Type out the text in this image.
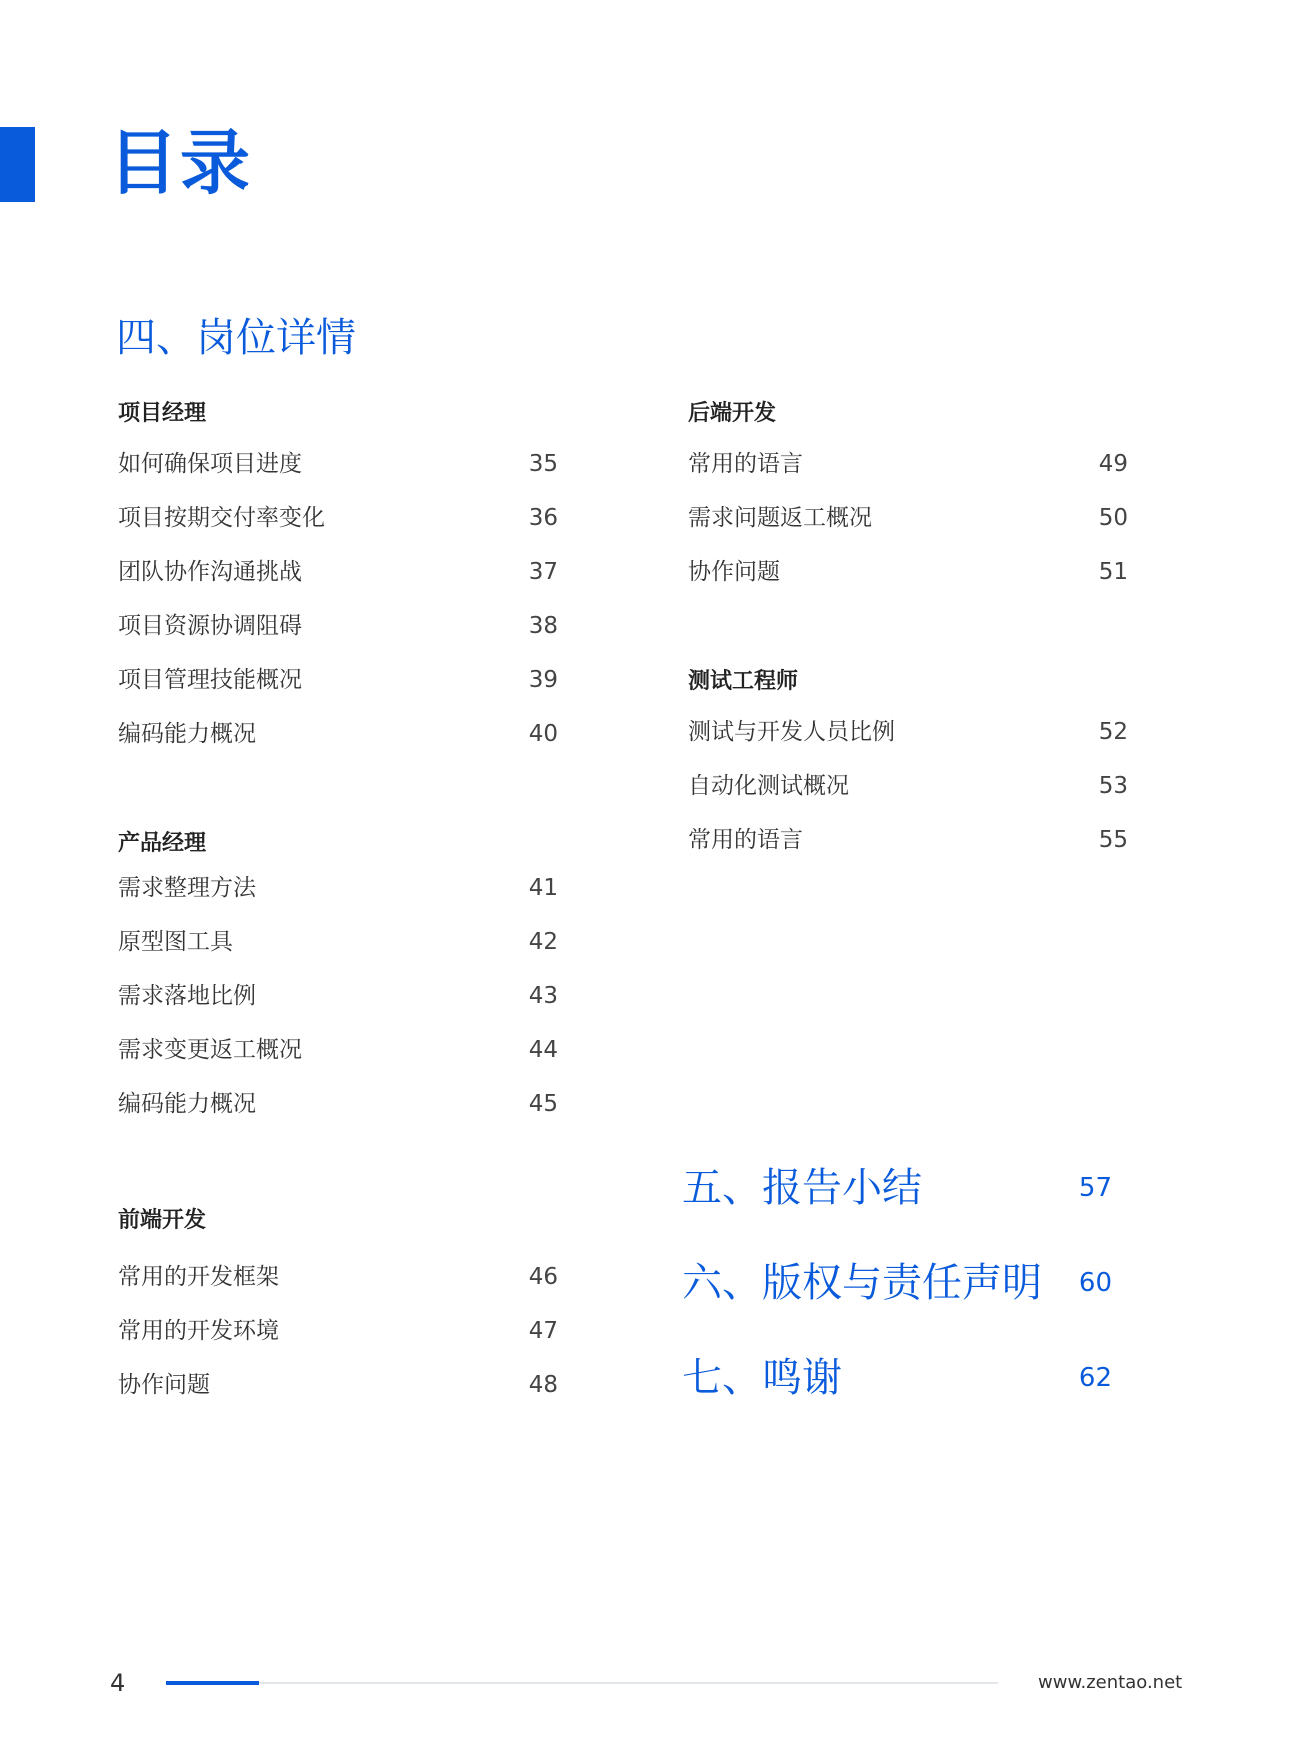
目录
四、岗位详情
项目经理
如何确保项目进度	35
项目按期交付率变化	36
团队协作沟通挑战	37
项目资源协调阻碍	38
项目管理技能概况	39
编码能力概况	40
产品经理
需求整理方法	41
原型图工具	42
需求落地比例	43
需求变更返工概况	44
编码能力概况	45
前端开发
常用的开发框架	46
常用的开发环境	47
协作问题	48
后端开发
常用的语言	49
需求问题返工概况	50
协作问题	51
测试工程师
测试与开发人员比例	52
自动化测试概况	53
常用的语言	55
五、报告小结	57
六、版权与责任声明 60
七、鸣谢	62
4	www.zentao.net
